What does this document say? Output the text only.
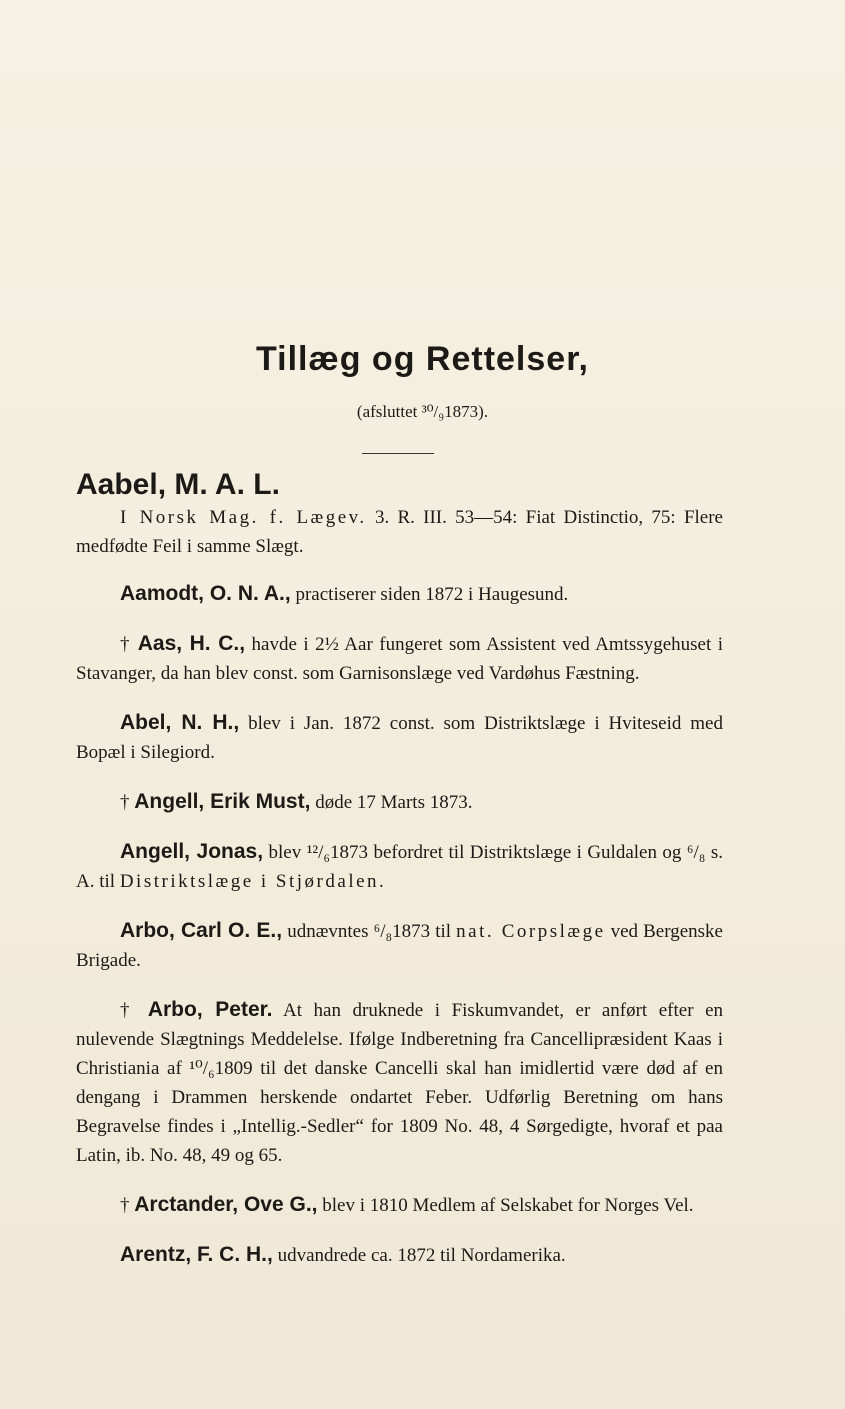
Tillæg og Rettelser,
(afsluttet ³⁰/₉1873).
Aabel, M. A. L.
I Norsk Mag. f. Lægev. 3. R. III. 53—54: Fiat Distinctio, 75: Flere medfødte Feil i samme Slægt.
Aamodt, O. N. A., practiserer siden 1872 i Haugesund.
† Aas, H. C., havde i 2½ Aar fungeret som Assistent ved Amtssygehuset i Stavanger, da han blev const. som Garnisonslæge ved Vardøhus Fæstning.
Abel, N. H., blev i Jan. 1872 const. som Distriktslæge i Hviteseid med Bopæl i Silegiord.
† Angell, Erik Must, døde 17 Marts 1873.
Angell, Jonas, blev ¹²/₆1873 befordret til Distriktslæge i Guldalen og ⁶/₈ s. A. til Distriktslæge i Stjørdalen.
Arbo, Carl O. E., udnævntes ⁶/₈1873 til nat. Corpslæge ved Bergenske Brigade.
† Arbo, Peter. At han druknede i Fiskumvandet, er anført efter en nulevende Slægtnings Meddelelse. Ifølge Indberetning fra Cancellipræsident Kaas i Christiania af ¹⁰/₆1809 til det danske Cancelli skal han imidlertid være død af en dengang i Drammen herskende ondartet Feber. Udførlig Beretning om hans Begravelse findes i „Intellig.-Sedler“ for 1809 No. 48, 4 Sørgedigte, hvoraf et paa Latin, ib. No. 48, 49 og 65.
† Arctander, Ove G., blev i 1810 Medlem af Selskabet for Norges Vel.
Arentz, F. C. H., udvandrede ca. 1872 til Nordamerika.
